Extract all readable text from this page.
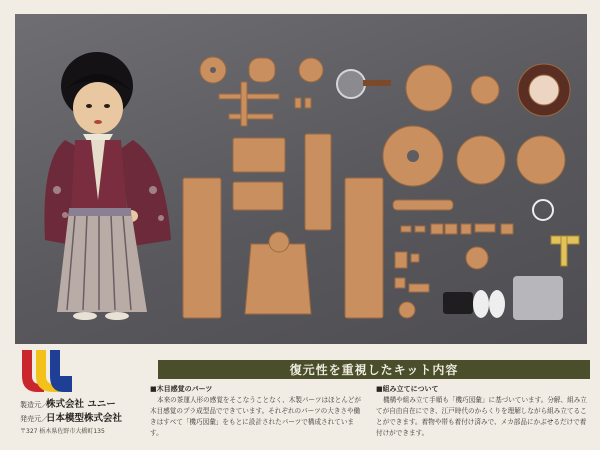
製造元／
株式会社 ユニー
発売元／
日本模型株式会社
〒327 栃木県佐野市大橋町135
復元性を重視したキット内容
■木目感覚のパーツ

本来の茶運人形の感覚をそこなうことなく、木製パーツはほとんどが木目感覚のプラ成型品でできています。それぞれのパーツの大きさや働きはすべて「機巧図彙」をもとに設計されたパーツで構成されています。

■組み立てについて

機構や組み立て手順も「機巧図彙」に基づいています。分解、組み立てが自由自在にでき、江戸時代のからくりを理解しながら組み立てることができます。着物や帯も着付け済みで、メカ部品にかぶせるだけで着付けができます。
